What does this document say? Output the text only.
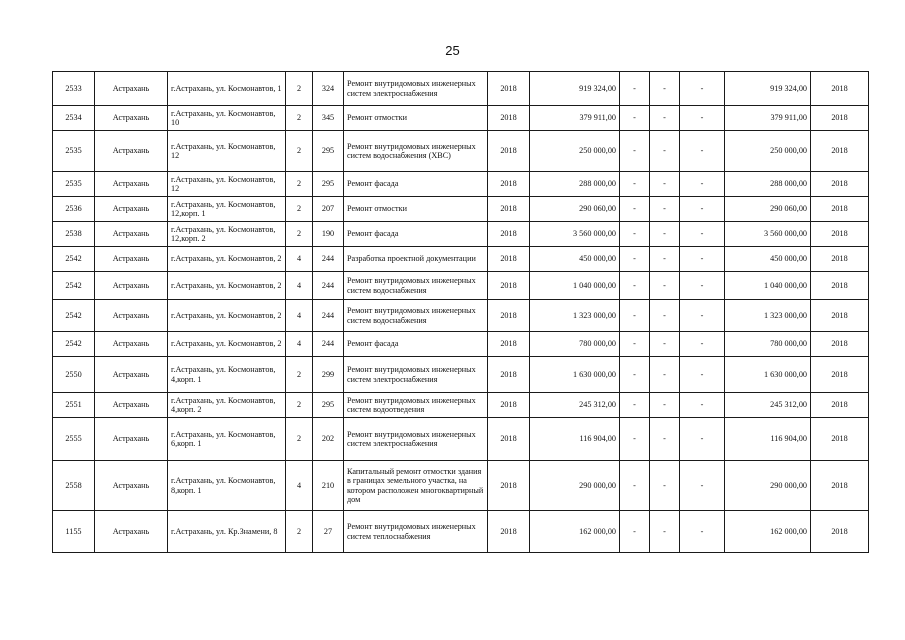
25
2533	Астрахань	г.Астрахань, ул. Космонавтов, 1	2	324	Ремонт внутридомовых инженерных систем электроснабжения	2018	919 324,00	-	-	-	919 324,00	2018
2534	Астрахань	г.Астрахань, ул. Космонавтов, 10	2	345	Ремонт отмостки	2018	379 911,00	-	-	-	379 911,00	2018
2535	Астрахань	г.Астрахань, ул. Космонавтов, 12	2	295	Ремонт внутридомовых инженерных систем водоснабжения (ХВС)	2018	250 000,00	-	-	-	250 000,00	2018
2535	Астрахань	г.Астрахань, ул. Космонавтов, 12	2	295	Ремонт фасада	2018	288 000,00	-	-	-	288 000,00	2018
2536	Астрахань	г.Астрахань, ул. Космонавтов, 12,корп. 1	2	207	Ремонт отмостки	2018	290 060,00	-	-	-	290 060,00	2018
2538	Астрахань	г.Астрахань, ул. Космонавтов, 12,корп. 2	2	190	Ремонт фасада	2018	3 560 000,00	-	-	-	3 560 000,00	2018
2542	Астрахань	г.Астрахань, ул. Космонавтов, 2	4	244	Разработка проектной документации	2018	450 000,00	-	-	-	450 000,00	2018
2542	Астрахань	г.Астрахань, ул. Космонавтов, 2	4	244	Ремонт внутридомовых инженерных систем водоснабжения	2018	1 040 000,00	-	-	-	1 040 000,00	2018
2542	Астрахань	г.Астрахань, ул. Космонавтов, 2	4	244	Ремонт внутридомовых инженерных систем водоснабжения	2018	1 323 000,00	-	-	-	1 323 000,00	2018
2542	Астрахань	г.Астрахань, ул. Космонавтов, 2	4	244	Ремонт фасада	2018	780 000,00	-	-	-	780 000,00	2018
2550	Астрахань	г.Астрахань, ул. Космонавтов, 4,корп. 1	2	299	Ремонт внутридомовых инженерных систем электроснабжения	2018	1 630 000,00	-	-	-	1 630 000,00	2018
2551	Астрахань	г.Астрахань, ул. Космонавтов, 4,корп. 2	2	295	Ремонт внутридомовых инженерных систем водоотведения	2018	245 312,00	-	-	-	245 312,00	2018
2555	Астрахань	г.Астрахань, ул. Космонавтов, 6,корп. 1	2	202	Ремонт внутридомовых инженерных систем электроснабжения	2018	116 904,00	-	-	-	116 904,00	2018
2558	Астрахань	г.Астрахань, ул. Космонавтов, 8,корп. 1	4	210	Капитальный ремонт отмостки здания в границах земельного участка, на котором расположен многоквартирный дом	2018	290 000,00	-	-	-	290 000,00	2018
1155	Астрахань	г.Астрахань, ул. Кр.Знамени, 8	2	27	Ремонт внутридомовых инженерных систем теплоснабжения	2018	162 000,00	-	-	-	162 000,00	2018
